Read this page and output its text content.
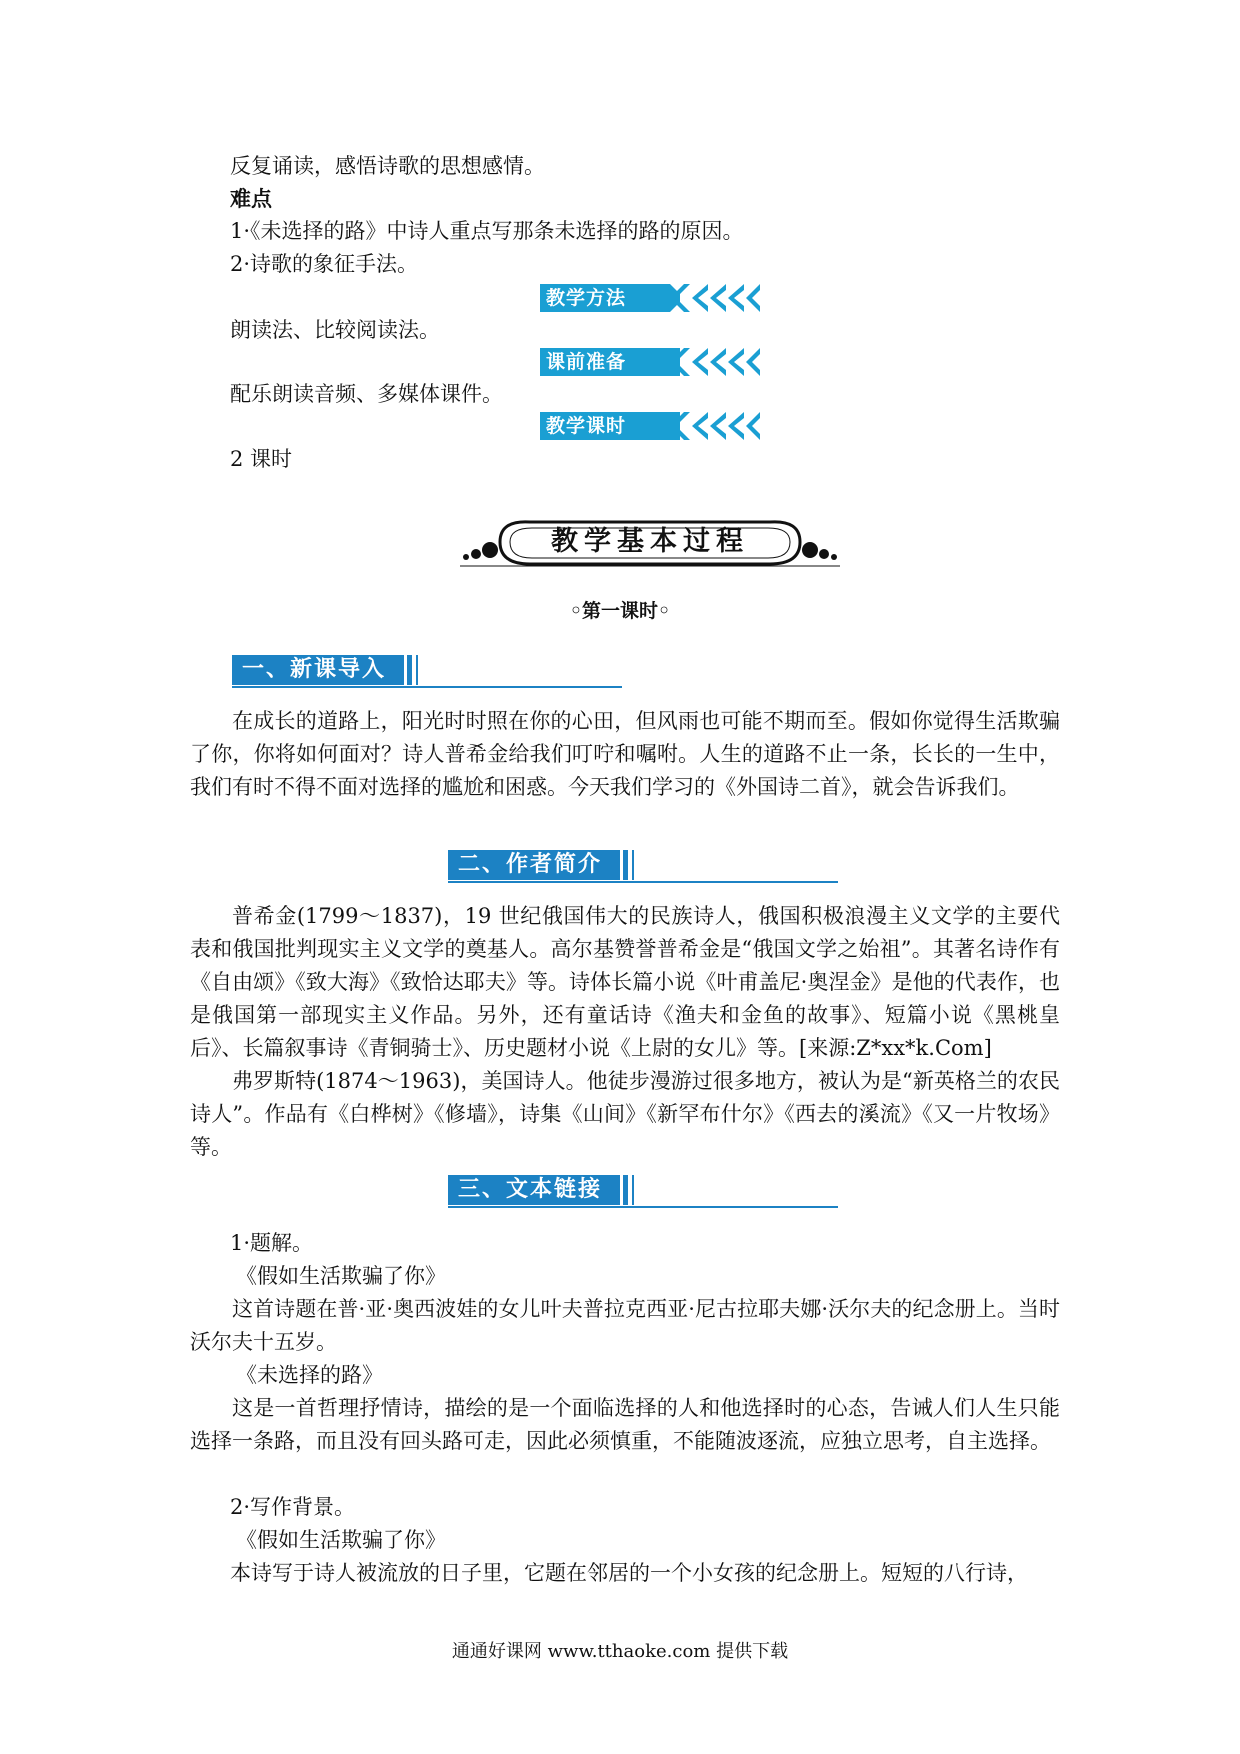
反复诵读，感悟诗歌的思想感情。
难点
1·《未选择的路》中诗人重点写那条未选择的路的原因。
2·诗歌的象征手法。
教学方法
朗读法、比较阅读法。
课前准备
配乐朗读音频、多媒体课件。
教学课时
2 课时
教学基本过程
◦第一课时◦
一、新课导入
在成长的道路上，阳光时时照在你的心田，但风雨也可能不期而至。假如你觉得生活欺骗了你，你将如何面对？诗人普希金给我们叮咛和嘱咐。人生的道路不止一条，长长的一生中，我们有时不得不面对选择的尴尬和困惑。今天我们学习的《外国诗二首》，就会告诉我们。
二、作者简介
普希金(1799～1837)，19 世纪俄国伟大的民族诗人，俄国积极浪漫主义文学的主要代表和俄国批判现实主义文学的奠基人。高尔基赞誉普希金是“俄国文学之始祖”。其著名诗作有《自由颂》《致大海》《致恰达耶夫》等。诗体长篇小说《叶甫盖尼·奥涅金》是他的代表作，也是俄国第一部现实主义作品。另外，还有童话诗《渔夫和金鱼的故事》、短篇小说《黑桃皇后》、长篇叙事诗《青铜骑士》、历史题材小说《上尉的女儿》等。[来源:Z*xx*k.Com]
弗罗斯特(1874～1963)，美国诗人。他徒步漫游过很多地方，被认为是“新英格兰的农民诗人”。作品有《白桦树》《修墙》，诗集《山间》《新罕布什尔》《西去的溪流》《又一片牧场》等。
三、文本链接
1·题解。
《假如生活欺骗了你》
这首诗题在普·亚·奥西波娃的女儿叶夫普拉克西亚·尼古拉耶夫娜·沃尔夫的纪念册上。当时沃尔夫十五岁。
《未选择的路》
这是一首哲理抒情诗，描绘的是一个面临选择的人和他选择时的心态，告诫人们人生只能选择一条路，而且没有回头路可走，因此必须慎重，不能随波逐流，应独立思考，自主选择。
2·写作背景。
《假如生活欺骗了你》
本诗写于诗人被流放的日子里，它题在邻居的一个小女孩的纪念册上。短短的八行诗，
通通好课网 www.tthaoke.com 提供下载
